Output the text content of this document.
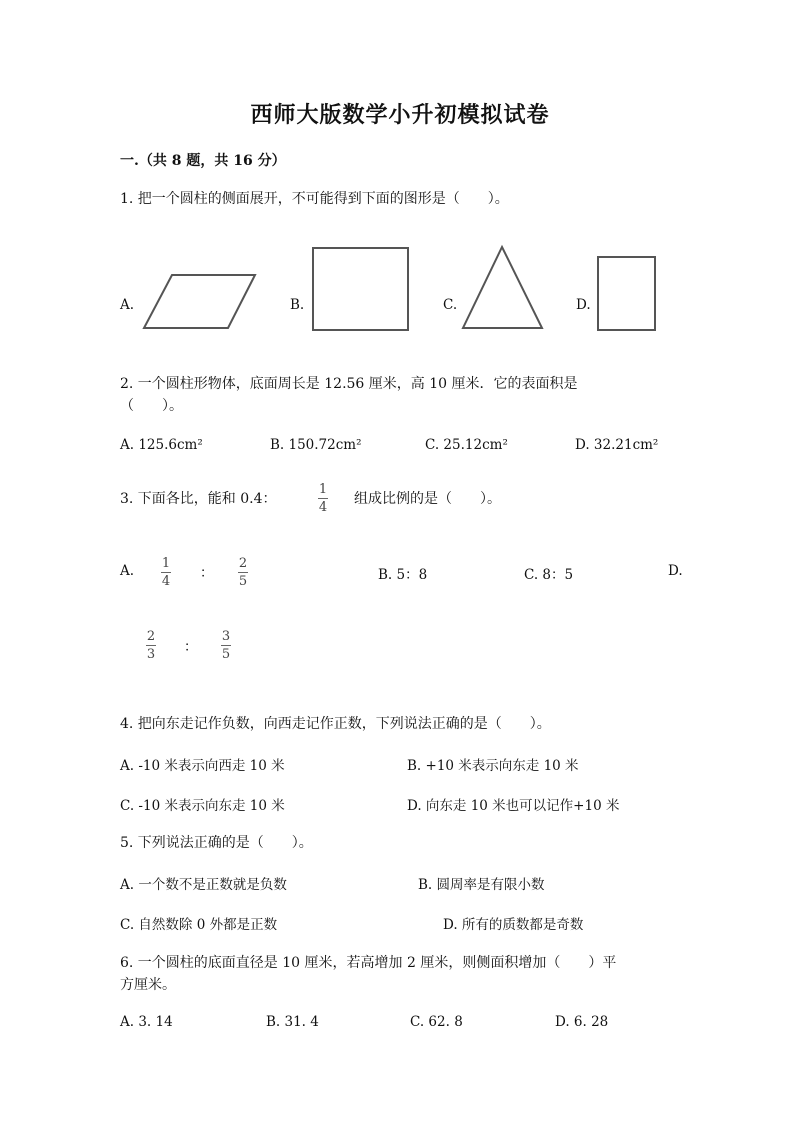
西师大版数学小升初模拟试卷
一.（共 8 题，共 16 分）
1. 把一个圆柱的侧面展开，不可能得到下面的图形是（　　）。
A.	B.	C.	D.
2. 一个圆柱形物体，底面周长是 12.56 厘米，高 10 厘米．它的表面积是
（　　）。
A. 125.6cm²	B. 150.72cm²	C. 25.12cm²	D. 32.21cm²
3. 下面各比，能和 0.4：
1
4
组成比例的是（　　）。
A. 1
4
：
2
5	B. 5：8	C. 8：5	D.
2
3 ：
3
5
4. 把向东走记作负数，向西走记作正数，下列说法正确的是（　　）。
A. -10 米表示向西走 10 米	B. +10 米表示向东走 10 米
C. -10 米表示向东走 10 米	D. 向东走 10 米也可以记作+10 米
5. 下列说法正确的是（　　）。
A. 一个数不是正数就是负数	B. 圆周率是有限小数
C. 自然数除 0 外都是正数	D. 所有的质数都是奇数
6. 一个圆柱的底面直径是 10 厘米，若高增加 2 厘米，则侧面积增加（　　）平
方厘米。
A. 3. 14	B. 31. 4	C. 62. 8	D. 6. 28
